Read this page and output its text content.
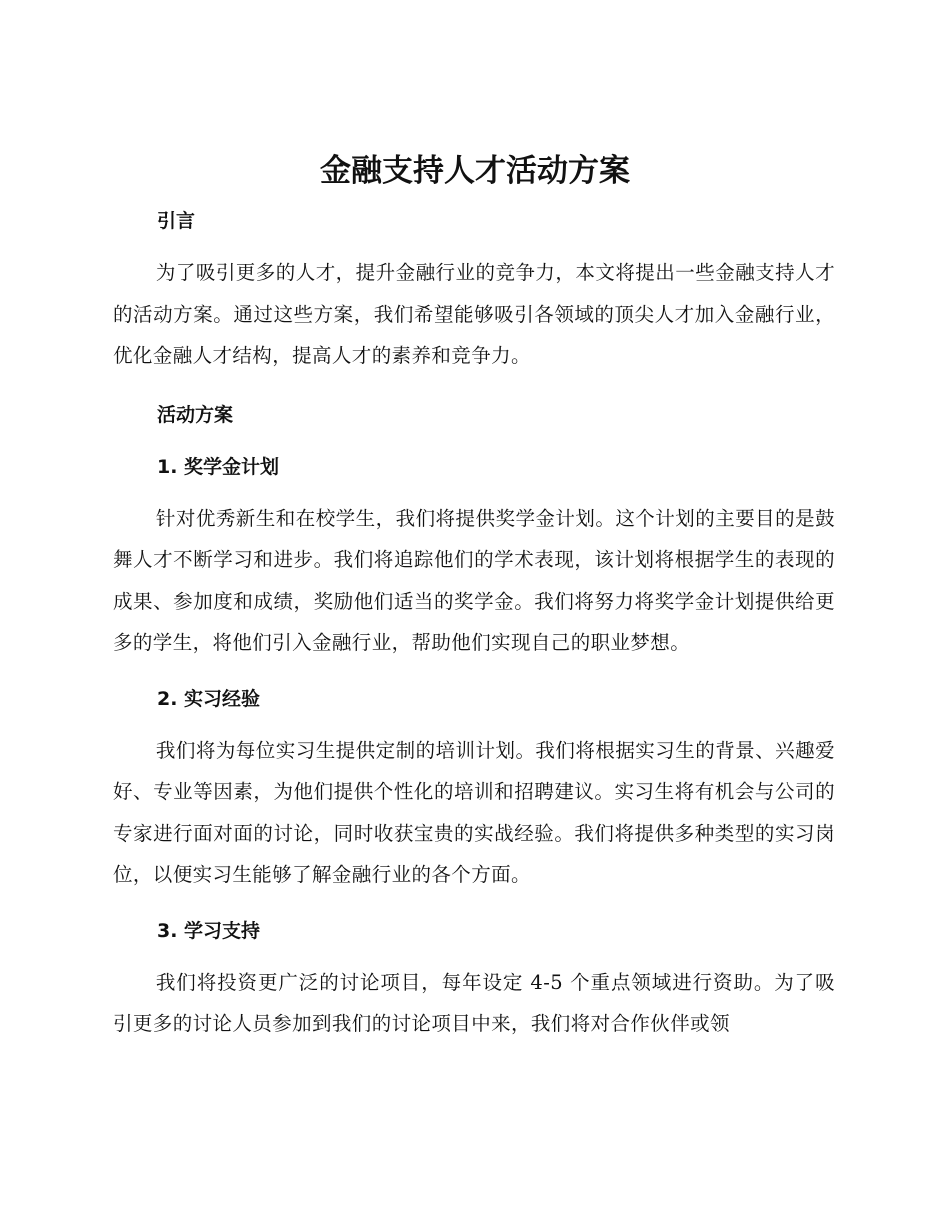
金融支持人才活动方案
引言

为了吸引更多的人才，提升金融行业的竞争力，本文将提出一些金融支持人才的活动方案。通过这些方案，我们希望能够吸引各领域的顶尖人才加入金融行业，优化金融人才结构，提高人才的素养和竞争力。

活动方案
1. 奖学金计划

针对优秀新生和在校学生，我们将提供奖学金计划。这个计划的主要目的是鼓舞人才不断学习和进步。我们将追踪他们的学术表现，该计划将根据学生的表现的成果、参加度和成绩，奖励他们适当的奖学金。我们将努力将奖学金计划提供给更多的学生，将他们引入金融行业，帮助他们实现自己的职业梦想。

2. 实习经验

我们将为每位实习生提供定制的培训计划。我们将根据实习生的背景、兴趣爱好、专业等因素，为他们提供个性化的培训和招聘建议。实习生将有机会与公司的专家进行面对面的讨论，同时收获宝贵的实战经验。我们将提供多种类型的实习岗位，以便实习生能够了解金融行业的各个方面。

3. 学习支持

我们将投资更广泛的讨论项目，每年设定 4-5 个重点领域进行资助。为了吸引更多的讨论人员参加到我们的讨论项目中来，我们将对合作伙伴或领
